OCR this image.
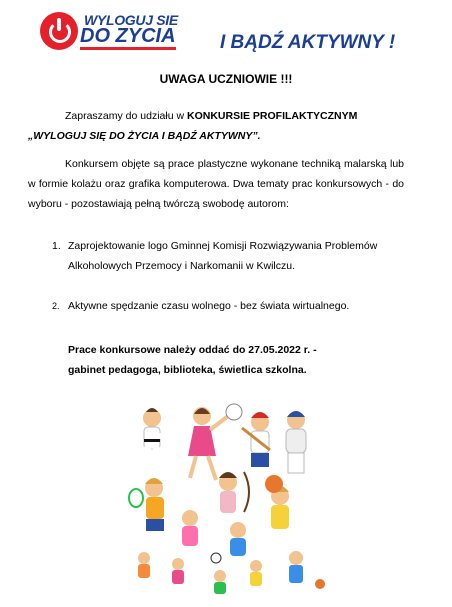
WYLOGUJ SIE
DO ZYCIA I BĄDŹ AKTYWNY !
UWAGA UCZNIOWIE !!!
Zapraszamy do udziału w KONKURSIE PROFILAKTYCZNYM
„WYLOGUJ SIĘ DO ŻYCIA I BĄDŹ AKTYWNY”.
Konkursem objęte są prace plastyczne wykonane techniką malarską lub w formie kolażu oraz grafika komputerowa. Dwa tematy prac konkursowych - do wyboru - pozostawiają pełną twórczą swobodę autorom:
1. Zaprojektowanie logo Gminnej Komisji Rozwiązywania Problemów Alkoholowych Przemocy i Narkomanii w Kwilczu.
2. Aktywne spędzanie czasu wolnego - bez świata wirtualnego.
Prace konkursowe należy oddać do 27.05.2022 r. -
gabinet pedagoga, biblioteka, świetlica szkolna.
